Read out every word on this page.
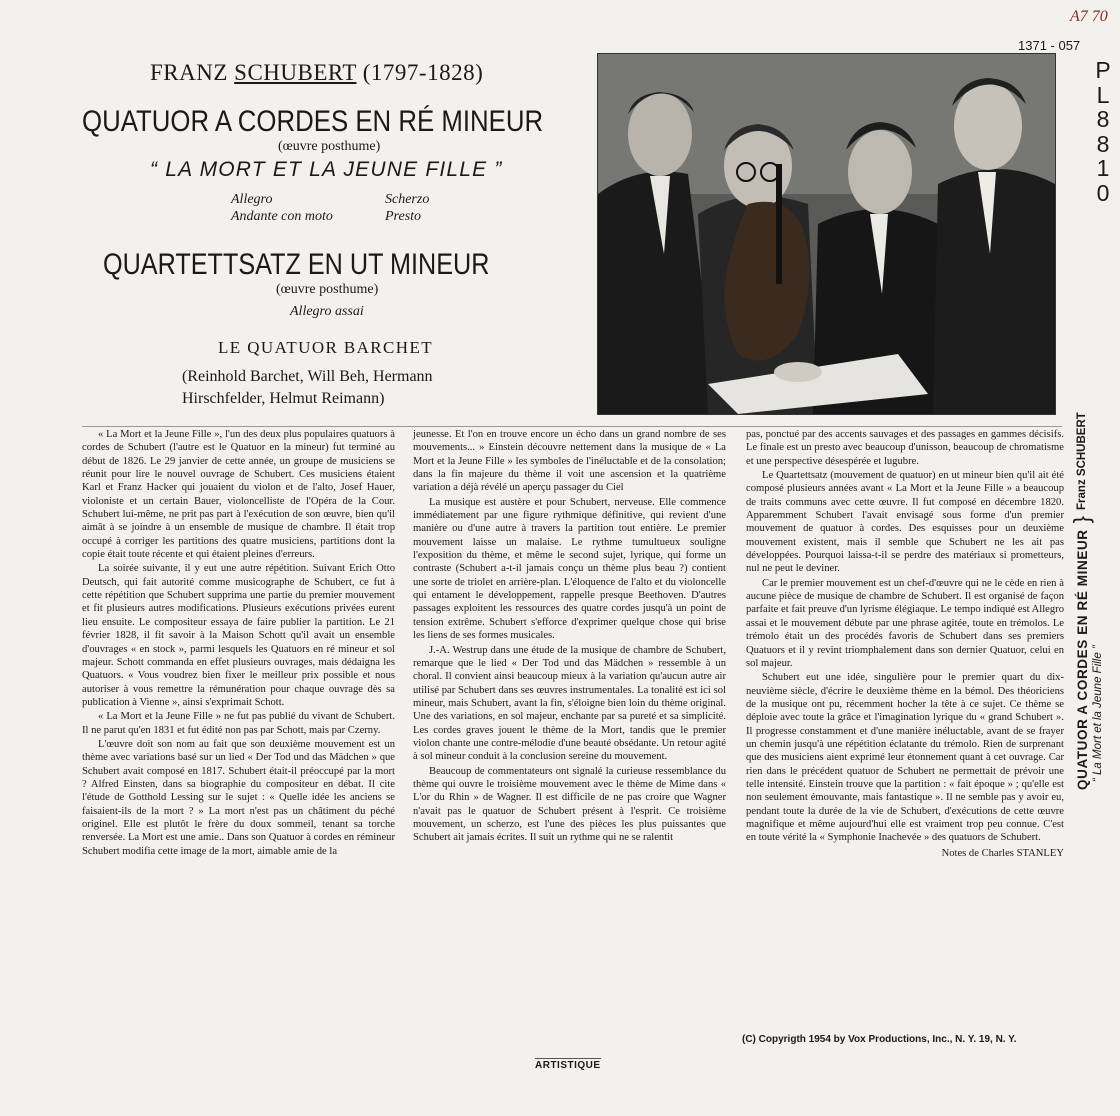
A7 70
1371 - 057
P
L
8
8
1
0
FRANZ SCHUBERT (1797-1828)
QUATUOR A CORDES EN RÉ MINEUR
(œuvre posthume)
“ LA MORT ET LA JEUNE FILLE ”
Allegro
Andante con moto
Scherzo
Presto
QUARTETTSATZ EN UT MINEUR
(œuvre posthume)
Allegro assai
LE QUATUOR BARCHET
(Reinhold Barchet, Will Beh, Hermann
Hirschfelder, Helmut Reimann)

« La Mort et la Jeune Fille », l'un des deux plus populaires quatuors à cordes de Schubert (l'autre est le Quatuor en la mineur) fut terminé au début de 1826. Le 29 janvier de cette année, un groupe de musiciens se réunit pour lire le nouvel ouvrage de Schubert. Ces musiciens étaient Karl et Franz Hacker qui jouaient du violon et de l'alto, Josef Hauer, violoniste et un certain Bauer, violoncelliste de l'Opéra de la Cour. Schubert lui-même, ne prit pas part à l'exécution de son œuvre, bien qu'il aimât à se joindre à un ensemble de musique de chambre. Il était trop occupé à corriger les partitions des quatre musiciens, partitions dont la copie était toute récente et qui étaient pleines d'erreurs.

La soirée suivante, il y eut une autre répétition. Suivant Erich Otto Deutsch, qui fait autorité comme musicographe de Schubert, ce fut à cette répétition que Schubert supprima une partie du premier mouvement et fit plusieurs autres modifications. Plusieurs exécutions privées eurent lieu ensuite. Le compositeur essaya de faire publier la partition. Le 21 février 1828, il fit savoir à la Maison Schott qu'il avait un ensemble d'ouvrages « en stock », parmi lesquels les Quatuors en ré mineur et sol majeur. Schott commanda en effet plusieurs ouvrages, mais dédaigna les Quatuors. « Vous voudrez bien fixer le meilleur prix possible et nous autoriser à vous remettre la rémunération pour chaque ouvrage dès sa publication à Vienne », ainsi s'exprimait Schott.

« La Mort et la Jeune Fille » ne fut pas publié du vivant de Schubert. Il ne parut qu'en 1831 et fut édité non pas par Schott, mais par Czerny.

L'œuvre doit son nom au fait que son deuxième mouvement est un thème avec variations basé sur un lied « Der Tod und das Mädchen » que Schubert avait composé en 1817. Schubert était-il préoccupé par la mort ? Alfred Einsten, dans sa biographie du compositeur en débat. Il cite l'étude de Gotthold Lessing sur le sujet : « Quelle idée les anciens se faisaient-ils de la mort ? » La mort n'est pas un châtiment du péché originel. Elle est plutôt le frère du doux sommeil, tenant sa torche renversée. La Mort est une amie.. Dans son Quatuor à cordes en rémineur Schubert modifia cette image de la mort, aimable amie de la

jeunesse. Et l'on en trouve encore un écho dans un grand nombre de ses mouvements... » Einstein découvre nettement dans la musique de « La Mort et la Jeune Fille » les symboles de l'inéluctable et de la consolation; dans la fin majeure du thème il voit une ascension et la quatrième variation a déjà révélé un aperçu passager du Ciel

La musique est austère et pour Schubert, nerveuse. Elle commence immédiatement par une figure rythmique définitive, qui revient d'une manière ou d'une autre à travers la partition tout entière. Le premier mouvement laisse un malaise. Le rythme tumultueux souligne l'exposition du thème, et même le second sujet, lyrique, qui forme un contraste (Schubert a-t-il jamais conçu un thème plus beau ?) contient une sorte de triolet en arrière-plan. L'éloquence de l'alto et du violoncelle qui entament le développement, rappelle presque Beethoven. D'autres passages exploitent les ressources des quatre cordes jusqu'à un point de tension extrême. Schubert s'efforce d'exprimer quelque chose qui brise les liens de ses formes musicales.

J.-A. Westrup dans une étude de la musique de chambre de Schubert, remarque que le lied « Der Tod und das Mädchen » ressemble à un choral. Il convient ainsi beaucoup mieux à la variation qu'aucun autre air utilisé par Schubert dans ses œuvres instrumentales. La tonalité est ici sol mineur, mais Schubert, avant la fin, s'éloigne bien loin du thème original. Une des variations, en sol majeur, enchante par sa pureté et sa simplicité. Les cordes graves jouent le thème de la Mort, tandis que le premier violon chante une contre-mélodie d'une beauté obsédante. Un retour agité à sol mineur conduit à la conclusion sereine du mouvement.

Beaucoup de commentateurs ont signalé la curieuse ressemblance du thème qui ouvre le troisième mouvement avec le thème de Mime dans « L'or du Rhin » de Wagner. Il est difficile de ne pas croire que Wagner n'avait pas le quatuor de Schubert présent à l'esprit. Ce troisième mouvement, un scherzo, est l'une des pièces les plus puissantes que Schubert ait jamais écrites. Il suit un rythme qui ne se ralentit

pas, ponctué par des accents sauvages et des passages en gammes décisifs. Le finale est un presto avec beaucoup d'unisson, beaucoup de chromatisme et une perspective désespérée et lugubre.

Le Quartettsatz (mouvement de quatuor) en ut mineur bien qu'il ait été composé plusieurs années avant « La Mort et la Jeune Fille » a beaucoup de traits communs avec cette œuvre. Il fut composé en décembre 1820. Apparemment Schubert l'avait envisagé sous forme d'un premier mouvement de quatuor à cordes. Des esquisses pour un deuxième mouvement existent, mais il semble que Schubert ne les ait pas développées. Pourquoi laissa-t-il se perdre des matériaux si prometteurs, nul ne peut le deviner.

Car le premier mouvement est un chef-d'œuvre qui ne le cède en rien à aucune pièce de musique de chambre de Schubert. Il est organisé de façon parfaite et fait preuve d'un lyrisme élégiaque. Le tempo indiqué est Allegro assai et le mouvement débute par une phrase agitée, toute en trémolos. Le trémolo était un des procédés favoris de Schubert dans ses premiers Quatuors et il y revint triomphalement dans son dernier Quatuor, celui en sol majeur.

Schubert eut une idée, singulière pour le premier quart du dix-neuvième siècle, d'écrire le deuxième thème en la bémol. Des théoriciens de la musique ont pu, récemment hocher la tête à ce sujet. Ce thème se déploie avec toute la grâce et l'imagination lyrique du « grand Schubert ». Il progresse constamment et d'une manière inéluctable, avant de se frayer un chemin jusqu'à une répétition éclatante du trémolo. Rien de surprenant que des musiciens aient exprimé leur étonnement quant à cet ouvrage. Car rien dans le précédent quatuor de Schubert ne permettait de prévoir une telle intensité. Einstein trouve que la partition : « fait époque » ; qu'elle est non seulement émouvante, mais fantastique ». Il ne semble pas y avoir eu, pendant toute la durée de la vie de Schubert, d'exécutions de cette œuvre magnifique et même aujourd'hui elle est vraiment trop peu connue. C'est en toute vérité la « Symphonie Inachevée » des quatuors de Schubert.

Notes de Charles STANLEY
(C) Copyrigth 1954 by Vox Productions, Inc., N. Y. 19, N. Y.
ARTISTIQUE
QUATUOR A CORDES EN RÉ MINEUR
}
Franz SCHUBERT
“ La Mort et la Jeune Fille ”
